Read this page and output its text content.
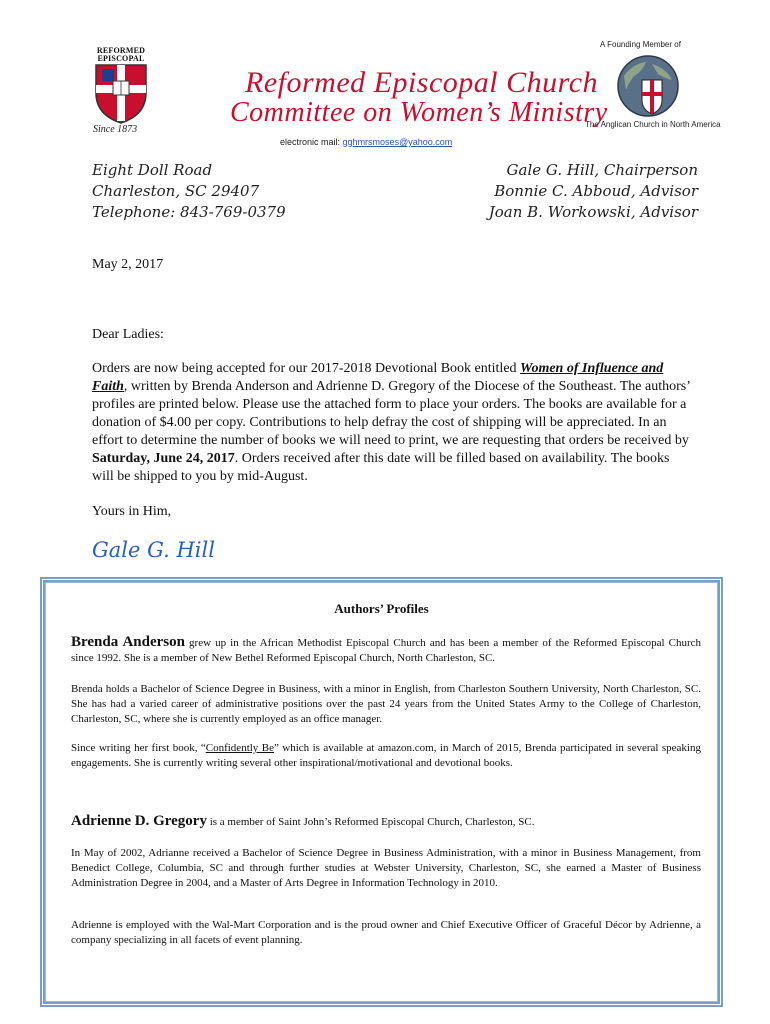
REFORMED
EPISCOPAL
Since 1873
Reformed Episcopal Church
Committee on Women’s Ministry
A Founding Member of
The Anglican Church in North America
electronic mail: gghmrsmoses@yahoo.com
Eight Doll Road
Charleston, SC 29407
Telephone: 843-769-0379
Gale G. Hill, Chairperson
Bonnie C. Abboud, Advisor
Joan B. Workowski, Advisor
May 2, 2017
Dear Ladies:
Orders are now being accepted for our 2017-2018 Devotional Book entitled Women of Influence and Faith, written by Brenda Anderson and Adrienne D. Gregory of the Diocese of the Southeast. The authors’ profiles are printed below. Please use the attached form to place your orders. The books are available for a donation of $4.00 per copy. Contributions to help defray the cost of shipping will be appreciated. In an effort to determine the number of books we will need to print, we are requesting that orders be received by Saturday, June 24, 2017. Orders received after this date will be filled based on availability. The books will be shipped to you by mid-August.
Yours in Him,
Gale G. Hill
Authors’ Profiles
Brenda Anderson grew up in the African Methodist Episcopal Church and has been a member of the Reformed Episcopal Church since 1992. She is a member of New Bethel Reformed Episcopal Church, North Charleston, SC.
Brenda holds a Bachelor of Science Degree in Business, with a minor in English, from Charleston Southern University, North Charleston, SC. She has had a varied career of administrative positions over the past 24 years from the United States Army to the College of Charleston, Charleston, SC, where she is currently employed as an office manager.
Since writing her first book, “Confidently Be” which is available at amazon.com, in March of 2015, Brenda participated in several speaking engagements. She is currently writing several other inspirational/motivational and devotional books.
Adrienne D. Gregory is a member of Saint John’s Reformed Episcopal Church, Charleston, SC.
In May of 2002, Adrianne received a Bachelor of Science Degree in Business Administration, with a minor in Business Management, from Benedict College, Columbia, SC and through further studies at Webster University, Charleston, SC, she earned a Master of Business Administration Degree in 2004, and a Master of Arts Degree in Information Technology in 2010.
Adrienne is employed with the Wal-Mart Corporation and is the proud owner and Chief Executive Officer of Graceful Décor by Adrienne, a company specializing in all facets of event planning.
